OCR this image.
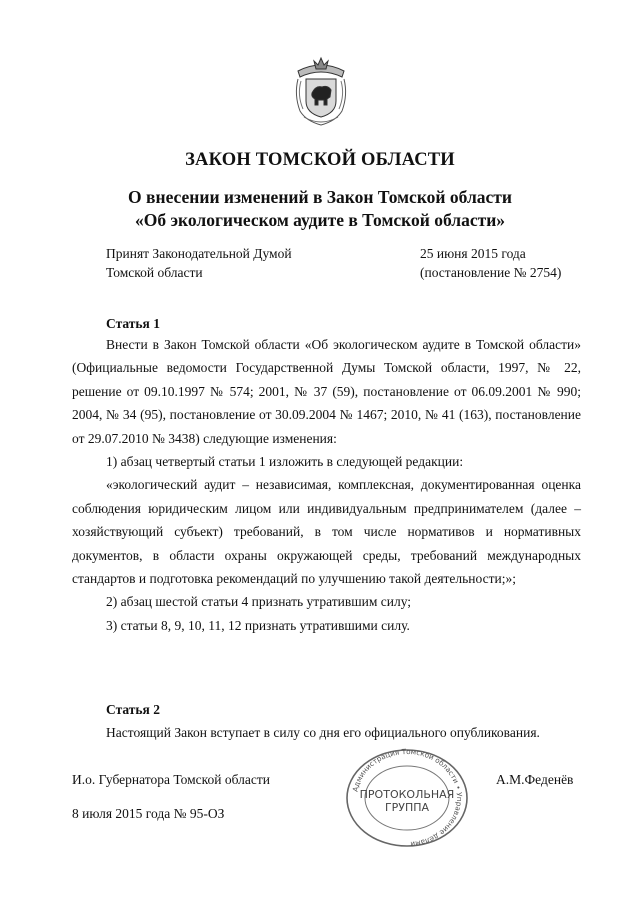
ЗАКОН ТОМСКОЙ ОБЛАСТИ
О внесении изменений в Закон Томской области
«Об экологическом аудите в Томской области»
Принят Законодательной Думой
Томской области
25 июня 2015 года
(постановление № 2754)
Статья 1

Внести в Закон Томской области «Об экологическом аудите в Томской области» (Официальные ведомости Государственной Думы Томской области, 1997, № 22, решение от 09.10.1997 № 574; 2001, № 37 (59), постановление от 06.09.2001 № 990; 2004, № 34 (95), постановление от 30.09.2004 № 1467; 2010, № 41 (163), постановление от 29.07.2010 № 3438) следующие изменения:

1) абзац четвертый статьи 1 изложить в следующей редакции:

«экологический аудит – независимая, комплексная, документированная оценка соблюдения юридическим лицом или индивидуальным предпринимателем (далее – хозяйствующий субъект) требований, в том числе нормативов и нормативных документов, в области охраны окружающей среды, требований международных стандартов и подготовка рекомендаций по улучшению такой деятельности;»;

2) абзац шестой статьи 4 признать утратившим силу;

3) статьи 8, 9, 10, 11, 12 признать утратившими силу.

Статья 2

Настоящий Закон вступает в силу со дня его официального опубликования.

И.о. Губернатора Томской области	А.М.Феденёв
8 июля 2015 года № 95-ОЗ
Администрация Томской области • Управление делами
ПРОТОКОЛЬНАЯ
ГРУППА
